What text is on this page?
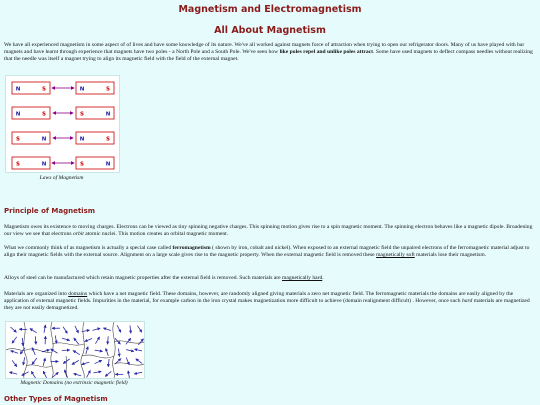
Magnetism and Electromagnetism
All About Magnetism

We have all experienced magnetism in some aspect of of lives and have some knowledge of its nature. We've all worked against magnets force of attraction when trying to open our refrigerator doors. Many of us have played with bar magnets and have learnt through experience that magnets have two poles - a North Pole and a South Pole. We've seen how like poles repel and unlike poles attract. Some have used magnets to deflect compass needles without realizing that the needle was itself a magnet trying to align its magnetic field with the field of the external magnet.

N	S	N	S
N	S	S	N
S	N	N	S
S	N	S	N
Laws of Magnetism
Principle of Magnetism

Magnetism owes its existence to moving charges. Electrons can be viewed as tiny spinning negative charges. This spinning motion gives rise to a spin magnetic moment. The spinning electron behaves like a magnetic dipole. Broadening our view we see that electrons orbit atomic nuclei. This motion creates an orbital magnetic moment.

What we commonly think of as magnetism is actually a special case called ferromagnetism ( shown by iron, cobalt and nickel). When exposed to an external magnetic field the unpaired electrons of the ferromagnetic material adjust to align their magnetic fields with the external source. Alignment on a large scale gives rise to the magnetic property. When the external magnetic field is removed these magnetically soft materials lose their magnetism.

Alloys of steel can be manufactured which retain magnetic properties after the external field is removed. Such materials are magnetically hard.

Materials are organized into domains which have a net magnetic field. These domains, however, are randomly aligned giving materials a zero net magnetic field. The ferromagnetic materials the domains are easily aligned by the application of external magnetic fields. Impurities in the material, for example carbon in the iron crystal makes magnetization more difficult to achieve (domain realignment difficult) . However, once such hard materials are magnetized they are not easily demagnetized.

Magnetic Domains (no extrinsic magnetic field)
Other Types of Magnetism
